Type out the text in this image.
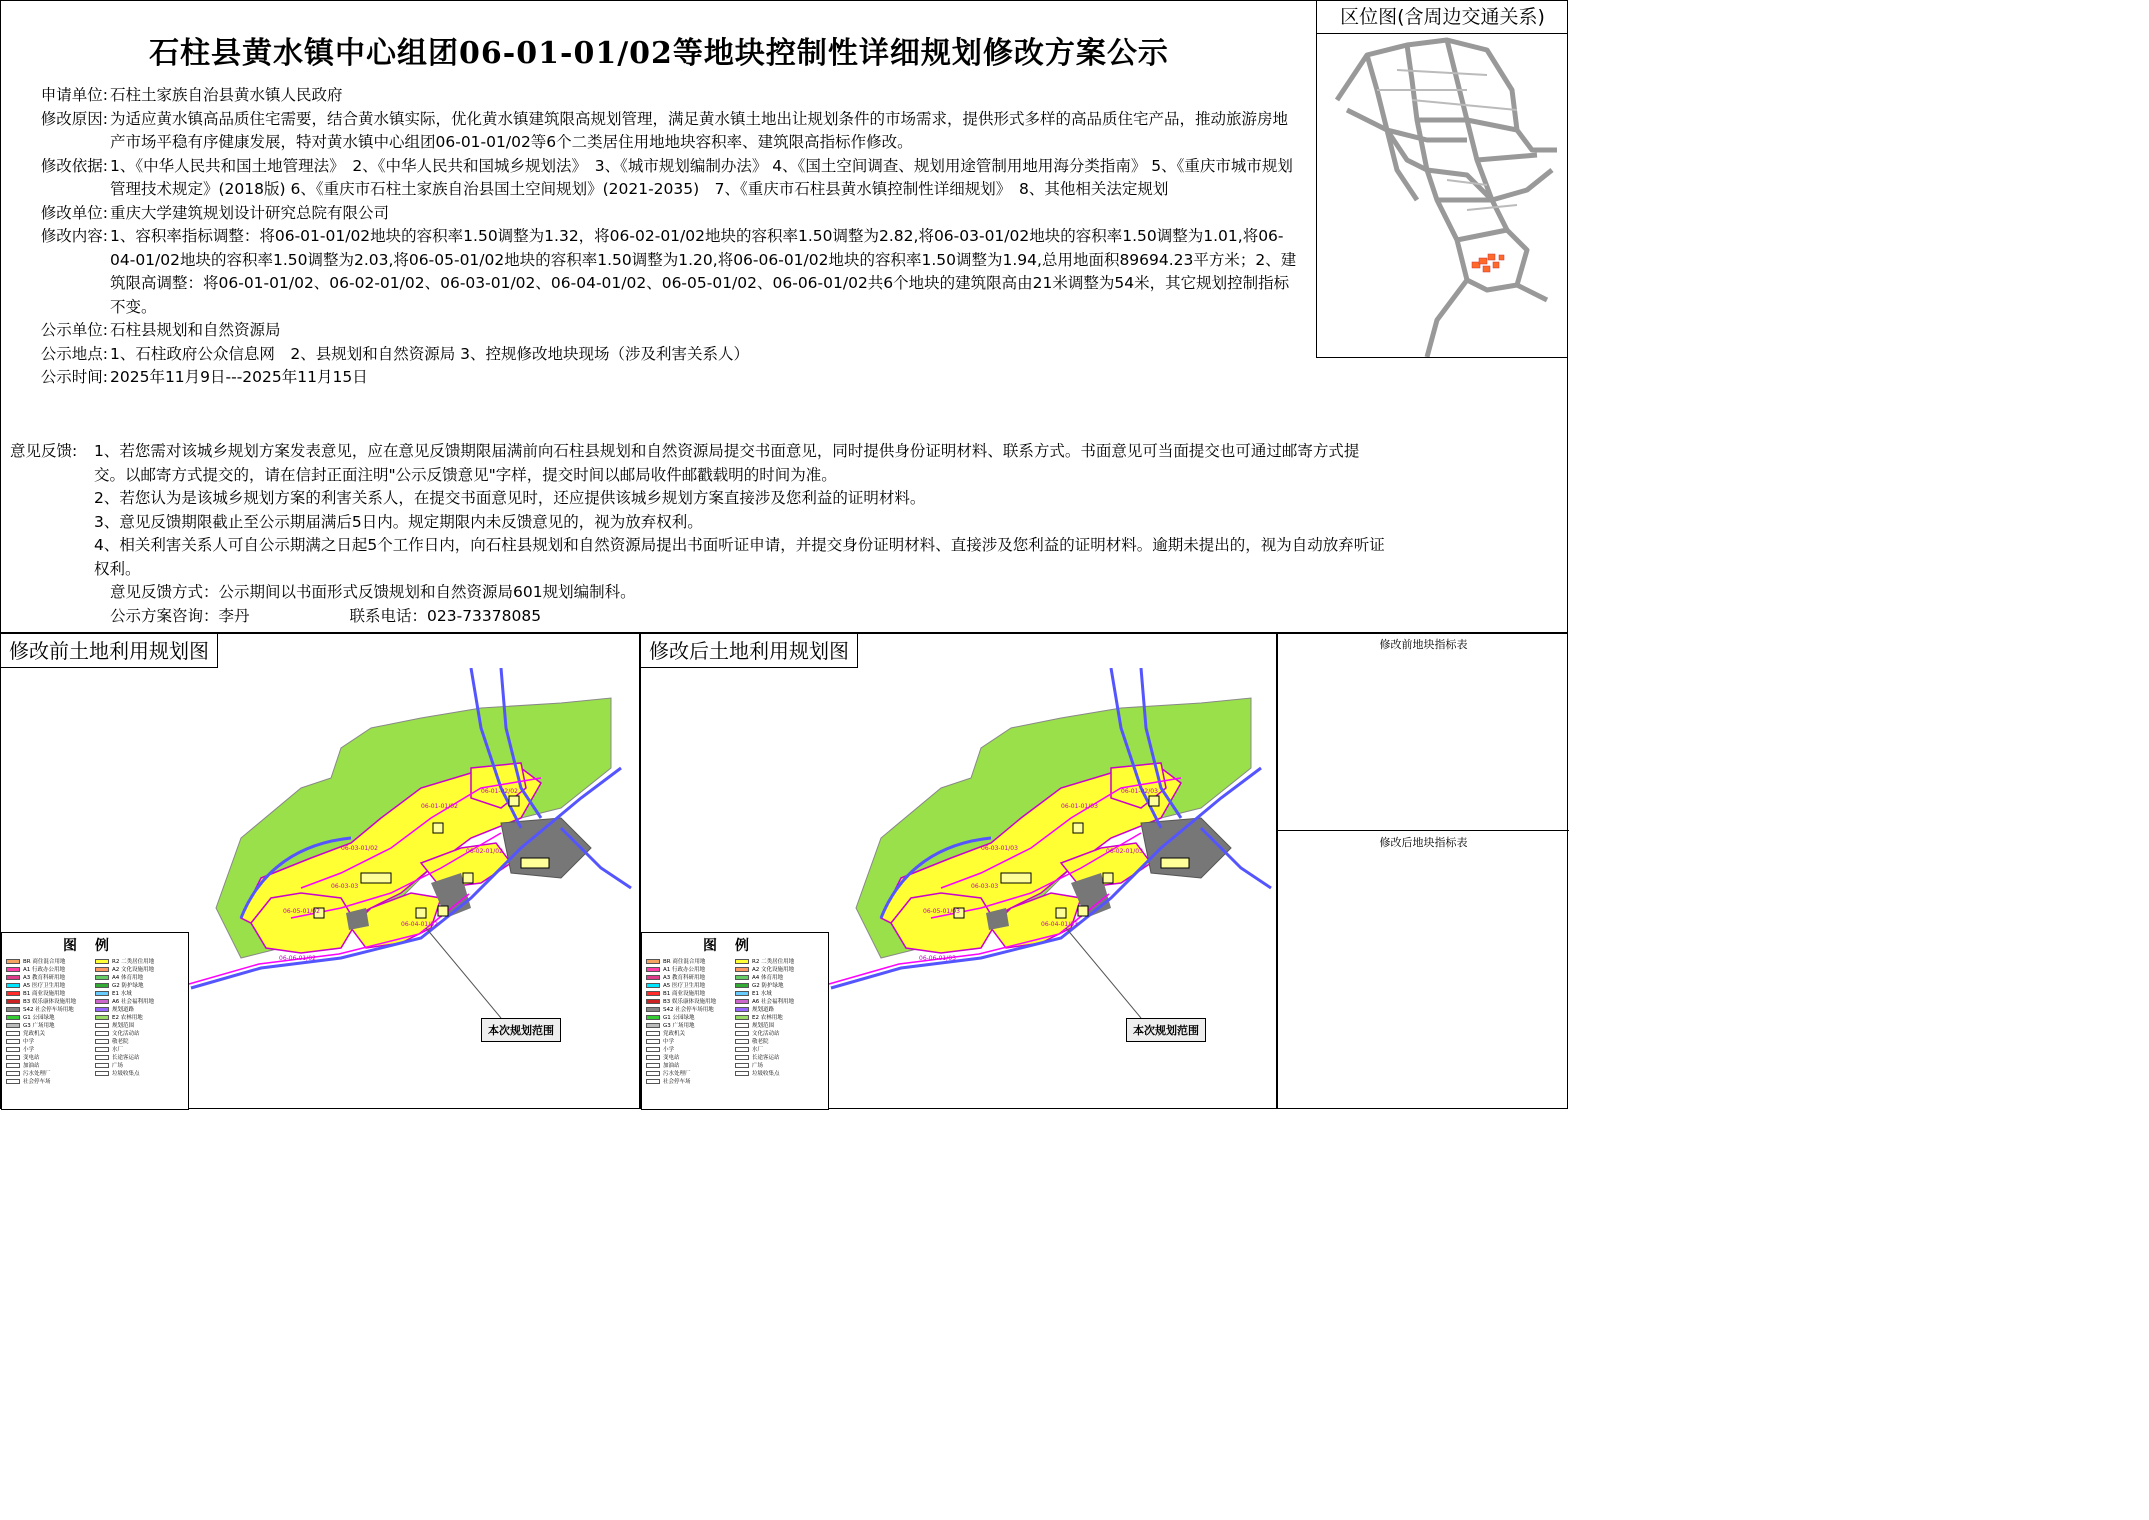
石柱县黄水镇中心组团06-01-01/02等地块控制性详细规划修改方案公示
申请单位: 石柱土家族自治县黄水镇人民政府
修改原因: 为适应黄水镇高品质住宅需要，结合黄水镇实际，优化黄水镇建筑限高规划管理，满足黄水镇土地出让规划条件的市场需求，提供形式多样的高品质住宅产品，推动旅游房地产市场平稳有序健康发展，特对黄水镇中心组团06-01-01/02等6个二类居住用地地块容积率、建筑限高指标作修改。
修改依据: 1、《中华人民共和国土地管理法》　2、《中华人民共和国城乡规划法》　3、《城市规划编制办法》 4、《国土空间调查、规划用途管制用地用海分类指南》 5、《重庆市城市规划管理技术规定》(2018版) 6、《重庆市石柱土家族自治县国土空间规划》(2021-2035)　7、《重庆市石柱县黄水镇控制性详细规划》　8、其他相关法定规划
修改单位: 重庆大学建筑规划设计研究总院有限公司
修改内容: 1、容积率指标调整：将06-01-01/02地块的容积率1.50调整为1.32，将06-02-01/02地块的容积率1.50调整为2.82,将06-03-01/02地块的容积率1.50调整为1.01,将06-04-01/02地块的容积率1.50调整为2.03,将06-05-01/02地块的容积率1.50调整为1.20,将06-06-01/02地块的容积率1.50调整为1.94,总用地面积89694.23平方米；2、建筑限高调整：将06-01-01/02、06-02-01/02、06-03-01/02、06-04-01/02、06-05-01/02、06-06-01/02共6个地块的建筑限高由21米调整为54米，其它规划控制指标不变。
公示单位: 石柱县规划和自然资源局
公示地点: 1、石柱政府公众信息网　2、县规划和自然资源局 3、控规修改地块现场（涉及利害关系人）
公示时间: 2025年11月9日---2025年11月15日
意见反馈:	1、若您需对该城乡规划方案发表意见，应在意见反馈期限届满前向石柱县规划和自然资源局提交书面意见，同时提供身份证明材料、联系方式。书面意见可当面提交也可通过邮寄方式提交。以邮寄方式提交的，请在信封正面注明"公示反馈意见"字样，提交时间以邮局收件邮戳载明的时间为准。
2、若您认为是该城乡规划方案的利害关系人，在提交书面意见时，还应提供该城乡规划方案直接涉及您利益的证明材料。
3、意见反馈期限截止至公示期届满后5日内。规定期限内未反馈意见的，视为放弃权利。
4、相关利害关系人可自公示期满之日起5个工作日内，向石柱县规划和自然资源局提出书面听证申请，并提交身份证明材料、直接涉及您利益的证明材料。逾期未提出的，视为自动放弃听证权利。
意见反馈方式：公示期间以书面形式反馈规划和自然资源局601规划编制科。
公示方案咨询：李丹	联系电话：023-73378085
区位图(含周边交通关系)
06-01-01/02
06-01-02/02
06-02-01/02
06-03-01/02
06-04-01/02
06-05-01/02
06-06-01/02
06-03-03
修改前土地利用规划图
本次规划范围
图例
BR 商住混合用地
A1 行政办公用地
A3 教育科研用地
A5 医疗卫生用地
B1 商业设施用地
B3 娱乐康体设施用地
S42 社会停车场用地
G1 公园绿地
G3 广场用地
党政机关
中学
小学
变电站
加油站
污水处理厂
社会停车场
R2 二类居住用地
A2 文化设施用地
A4 体育用地
G2 防护绿地
E1 水域
A6 社会福利用地
规划道路
E2 农林用地
规划范围
文化活动站
敬老院
水厂
长途客运站
广场
垃圾收集点
06-01-01/03
06-01-02/03
06-02-01/03
06-03-01/03
06-04-01/03
06-05-01/03
06-06-01/03
06-03-03
修改后土地利用规划图
本次规划范围
图例
BR 商住混合用地
A1 行政办公用地
A3 教育科研用地
A5 医疗卫生用地
B1 商业设施用地
B3 娱乐康体设施用地
S42 社会停车场用地
G1 公园绿地
G3 广场用地
党政机关
中学
小学
变电站
加油站
污水处理厂
社会停车场
R2 二类居住用地
A2 文化设施用地
A4 体育用地
G2 防护绿地
E1 水域
A6 社会福利用地
规划道路
E2 农林用地
规划范围
文化活动站
敬老院
水厂
长途客运站
广场
垃圾收集点
修改前地块指标表
修改后地块指标表
